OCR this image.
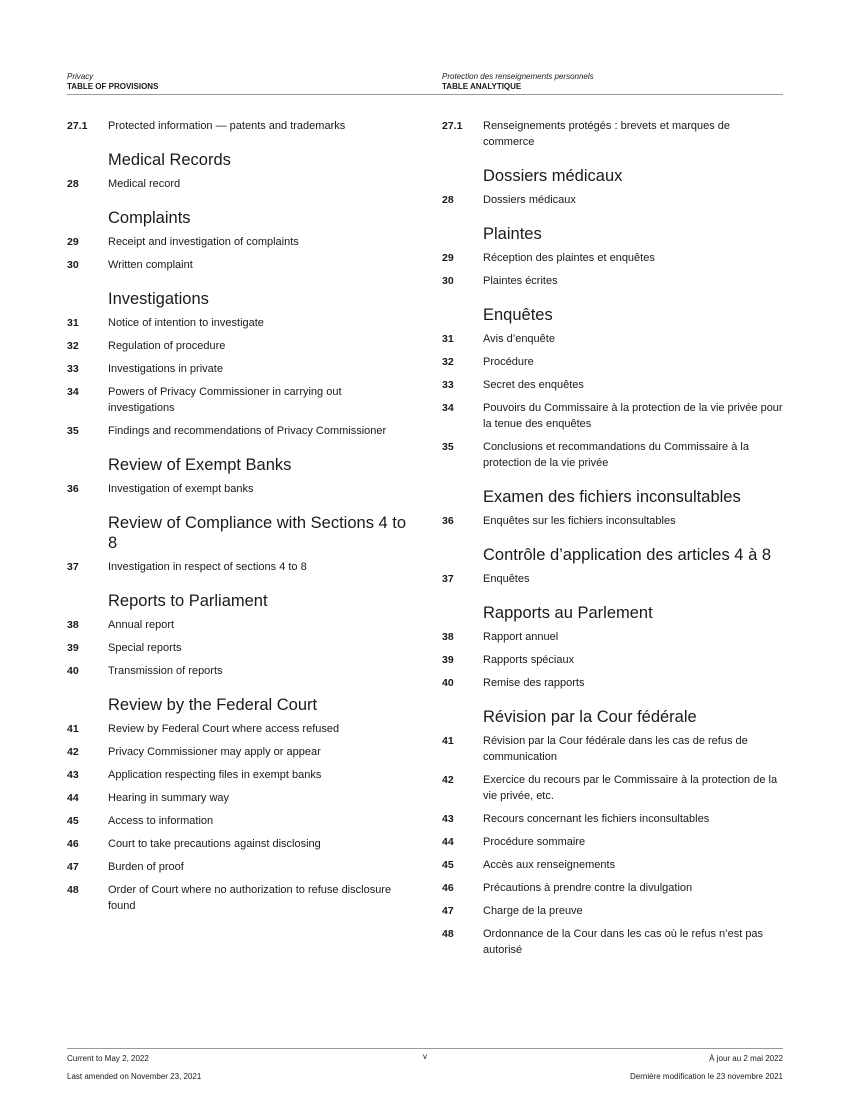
Privacy
TABLE OF PROVISIONS
Protection des renseignements personnels
TABLE ANALYTIQUE
27.1	Protected information — patents and trademarks
Medical Records
28	Medical record
Complaints
29	Receipt and investigation of complaints
30	Written complaint
Investigations
31	Notice of intention to investigate
32	Regulation of procedure
33	Investigations in private
34	Powers of Privacy Commissioner in carrying out investigations
35	Findings and recommendations of Privacy Commissioner
Review of Exempt Banks
36	Investigation of exempt banks
Review of Compliance with Sections 4 to 8
37	Investigation in respect of sections 4 to 8
Reports to Parliament
38	Annual report
39	Special reports
40	Transmission of reports
Review by the Federal Court
41	Review by Federal Court where access refused
42	Privacy Commissioner may apply or appear
43	Application respecting files in exempt banks
44	Hearing in summary way
45	Access to information
46	Court to take precautions against disclosing
47	Burden of proof
48	Order of Court where no authorization to refuse disclosure found
27.1	Renseignements protégés : brevets et marques de commerce
Dossiers médicaux
28	Dossiers médicaux
Plaintes
29	Réception des plaintes et enquêtes
30	Plaintes écrites
Enquêtes
31	Avis d’enquête
32	Procédure
33	Secret des enquêtes
34	Pouvoirs du Commissaire à la protection de la vie privée pour la tenue des enquêtes
35	Conclusions et recommandations du Commissaire à la protection de la vie privée
Examen des fichiers inconsultables
36	Enquêtes sur les fichiers inconsultables
Contrôle d’application des articles 4 à 8
37	Enquêtes
Rapports au Parlement
38	Rapport annuel
39	Rapports spéciaux
40	Remise des rapports
Révision par la Cour fédérale
41	Révision par la Cour fédérale dans les cas de refus de communication
42	Exercice du recours par le Commissaire à la protection de la vie privée, etc.
43	Recours concernant les fichiers inconsultables
44	Procédure sommaire
45	Accès aux renseignements
46	Précautions à prendre contre la divulgation
47	Charge de la preuve
48	Ordonnance de la Cour dans les cas où le refus n’est pas autorisé
Current to May 2, 2022
Last amended on November 23, 2021
v	À jour au 2 mai 2022
Dernière modification le 23 novembre 2021
